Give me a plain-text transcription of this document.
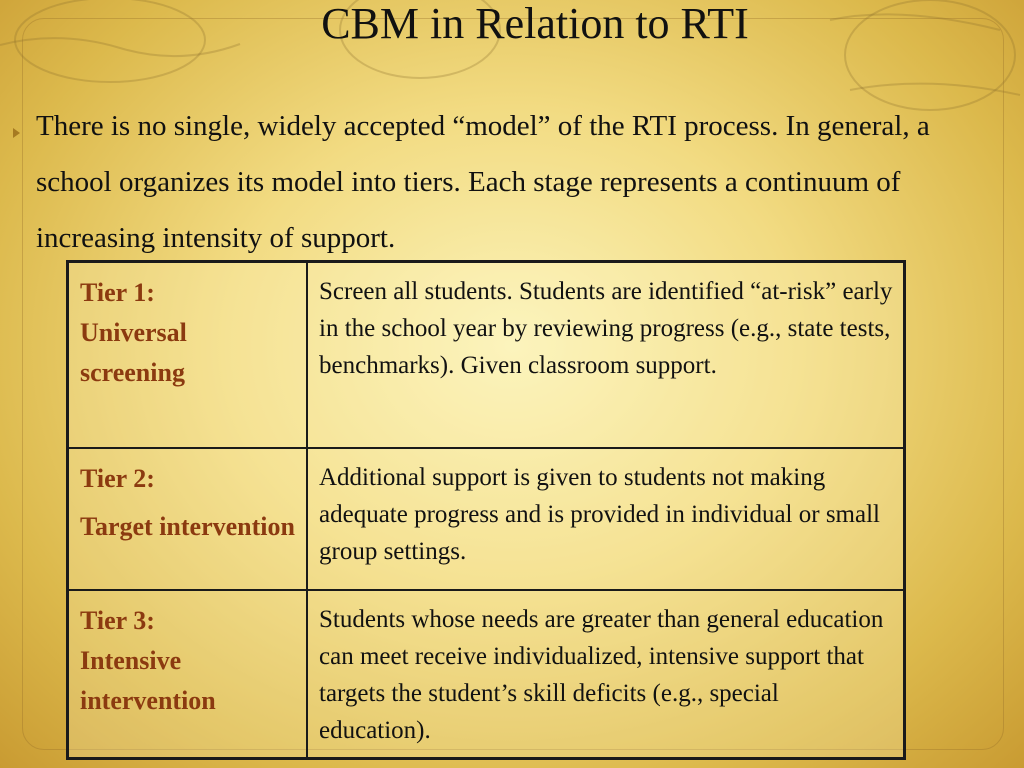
CBM in Relation to RTI
There is no single, widely accepted “model” of the RTI process. In general, a school organizes its model into tiers. Each stage represents a continuum of increasing intensity of support.
Tier 1:
Universal screening	Screen all students. Students are identified “at-risk” early in the school year by reviewing progress (e.g., state tests, benchmarks). Given classroom support.

Tier 2:
Target intervention	Additional support is given to students not making adequate progress and is provided in individual or small group settings.

Tier 3:
Intensive intervention	Students whose needs are greater than general education can meet receive individualized, intensive support that targets the student’s skill deficits (e.g., special education).
